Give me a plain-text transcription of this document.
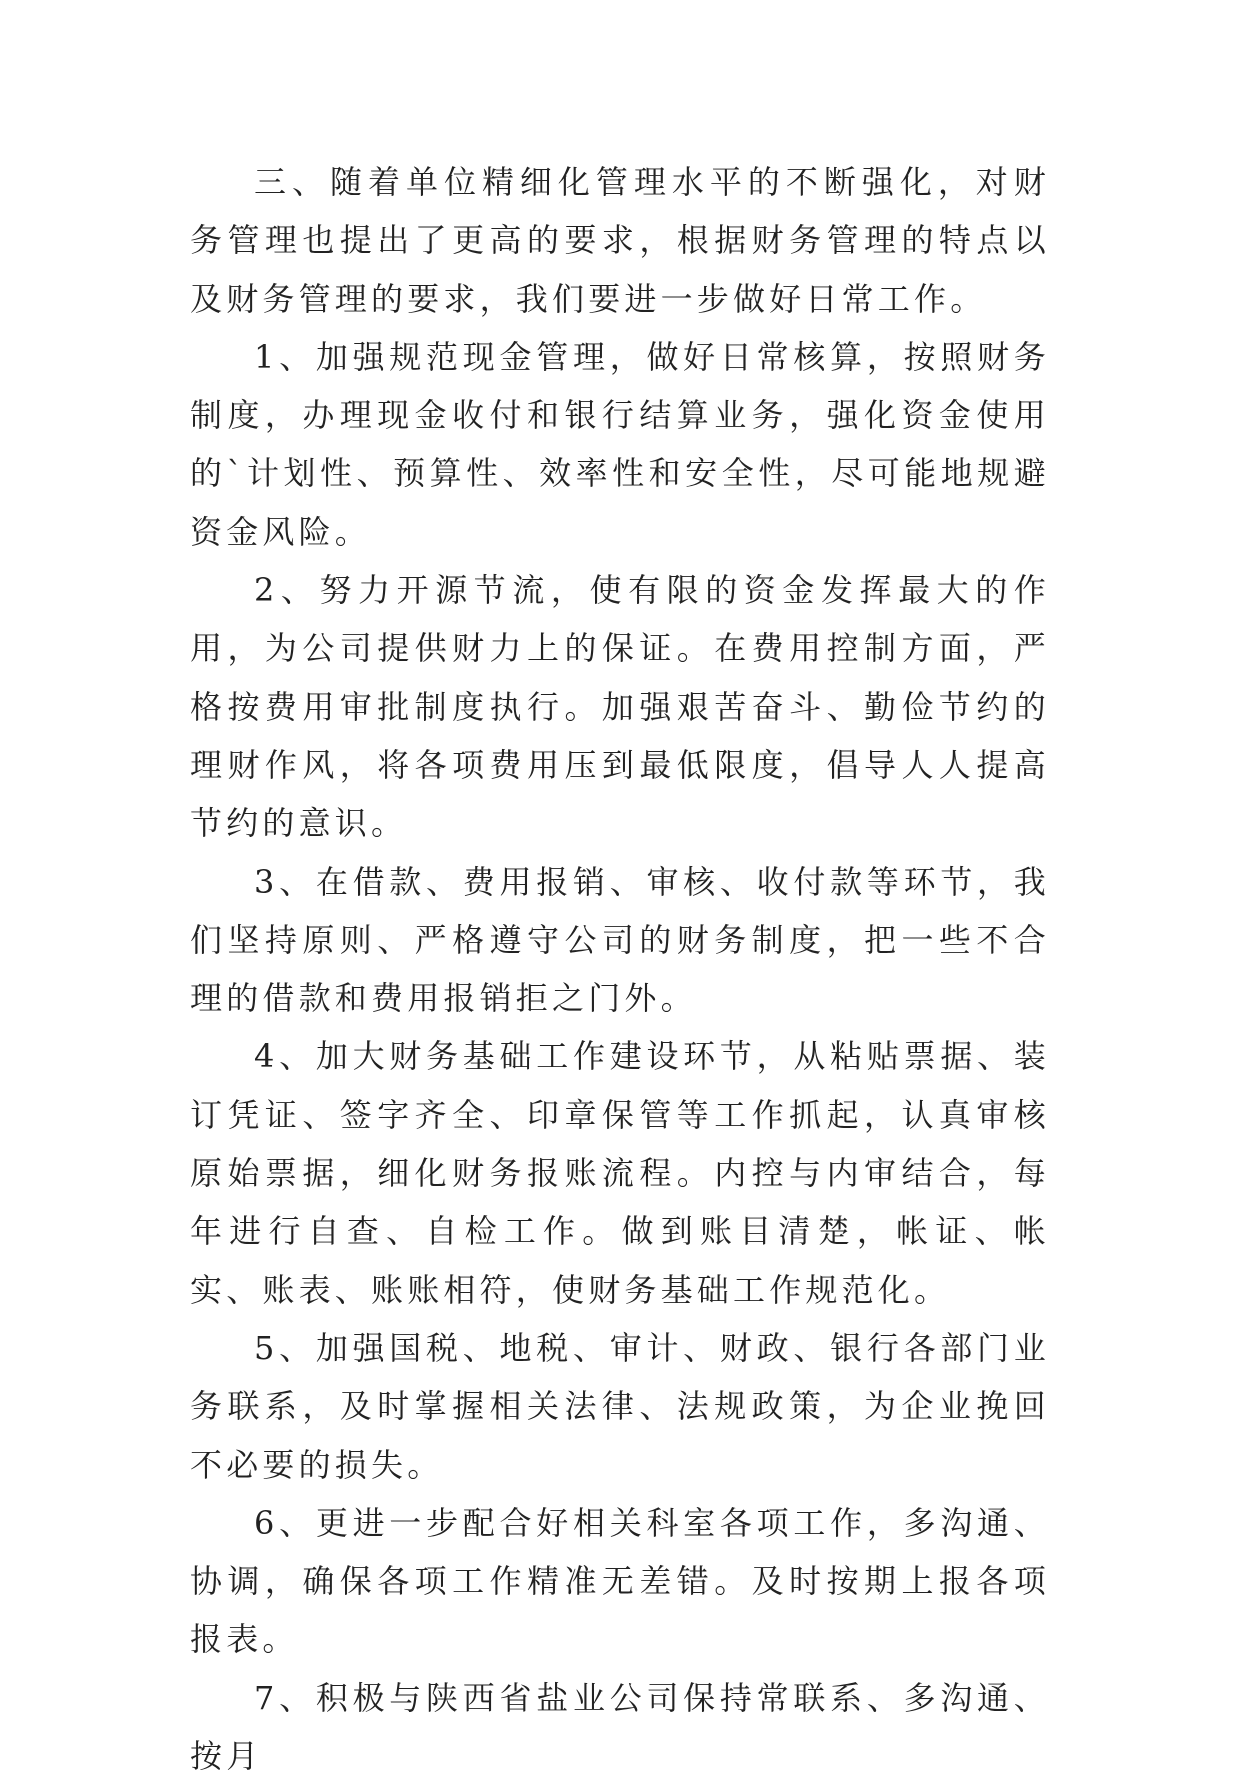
三、随着单位精细化管理水平的不断强化，对财务管理也提出了更高的要求，根据财务管理的特点以及财务管理的要求，我们要进一步做好日常工作。

1、加强规范现金管理，做好日常核算，按照财务制度，办理现金收付和银行结算业务，强化资金使用的`计划性、预算性、效率性和安全性，尽可能地规避资金风险。

2、努力开源节流，使有限的资金发挥最大的作用，为公司提供财力上的保证。在费用控制方面，严格按费用审批制度执行。加强艰苦奋斗、勤俭节约的理财作风，将各项费用压到最低限度，倡导人人提高节约的意识。

3、在借款、费用报销、审核、收付款等环节，我们坚持原则、严格遵守公司的财务制度，把一些不合理的借款和费用报销拒之门外。

4、加大财务基础工作建设环节，从粘贴票据、装订凭证、签字齐全、印章保管等工作抓起，认真审核原始票据，细化财务报账流程。内控与内审结合，每年进行自查、自检工作。做到账目清楚，帐证、帐实、账表、账账相符，使财务基础工作规范化。

5、加强国税、地税、审计、财政、银行各部门业务联系，及时掌握相关法律、法规政策，为企业挽回不必要的损失。

6、更进一步配合好相关科室各项工作，多沟通、协调，确保各项工作精准无差错。及时按期上报各项报表。

7、积极与陕西省盐业公司保持常联系、多沟通、按月
